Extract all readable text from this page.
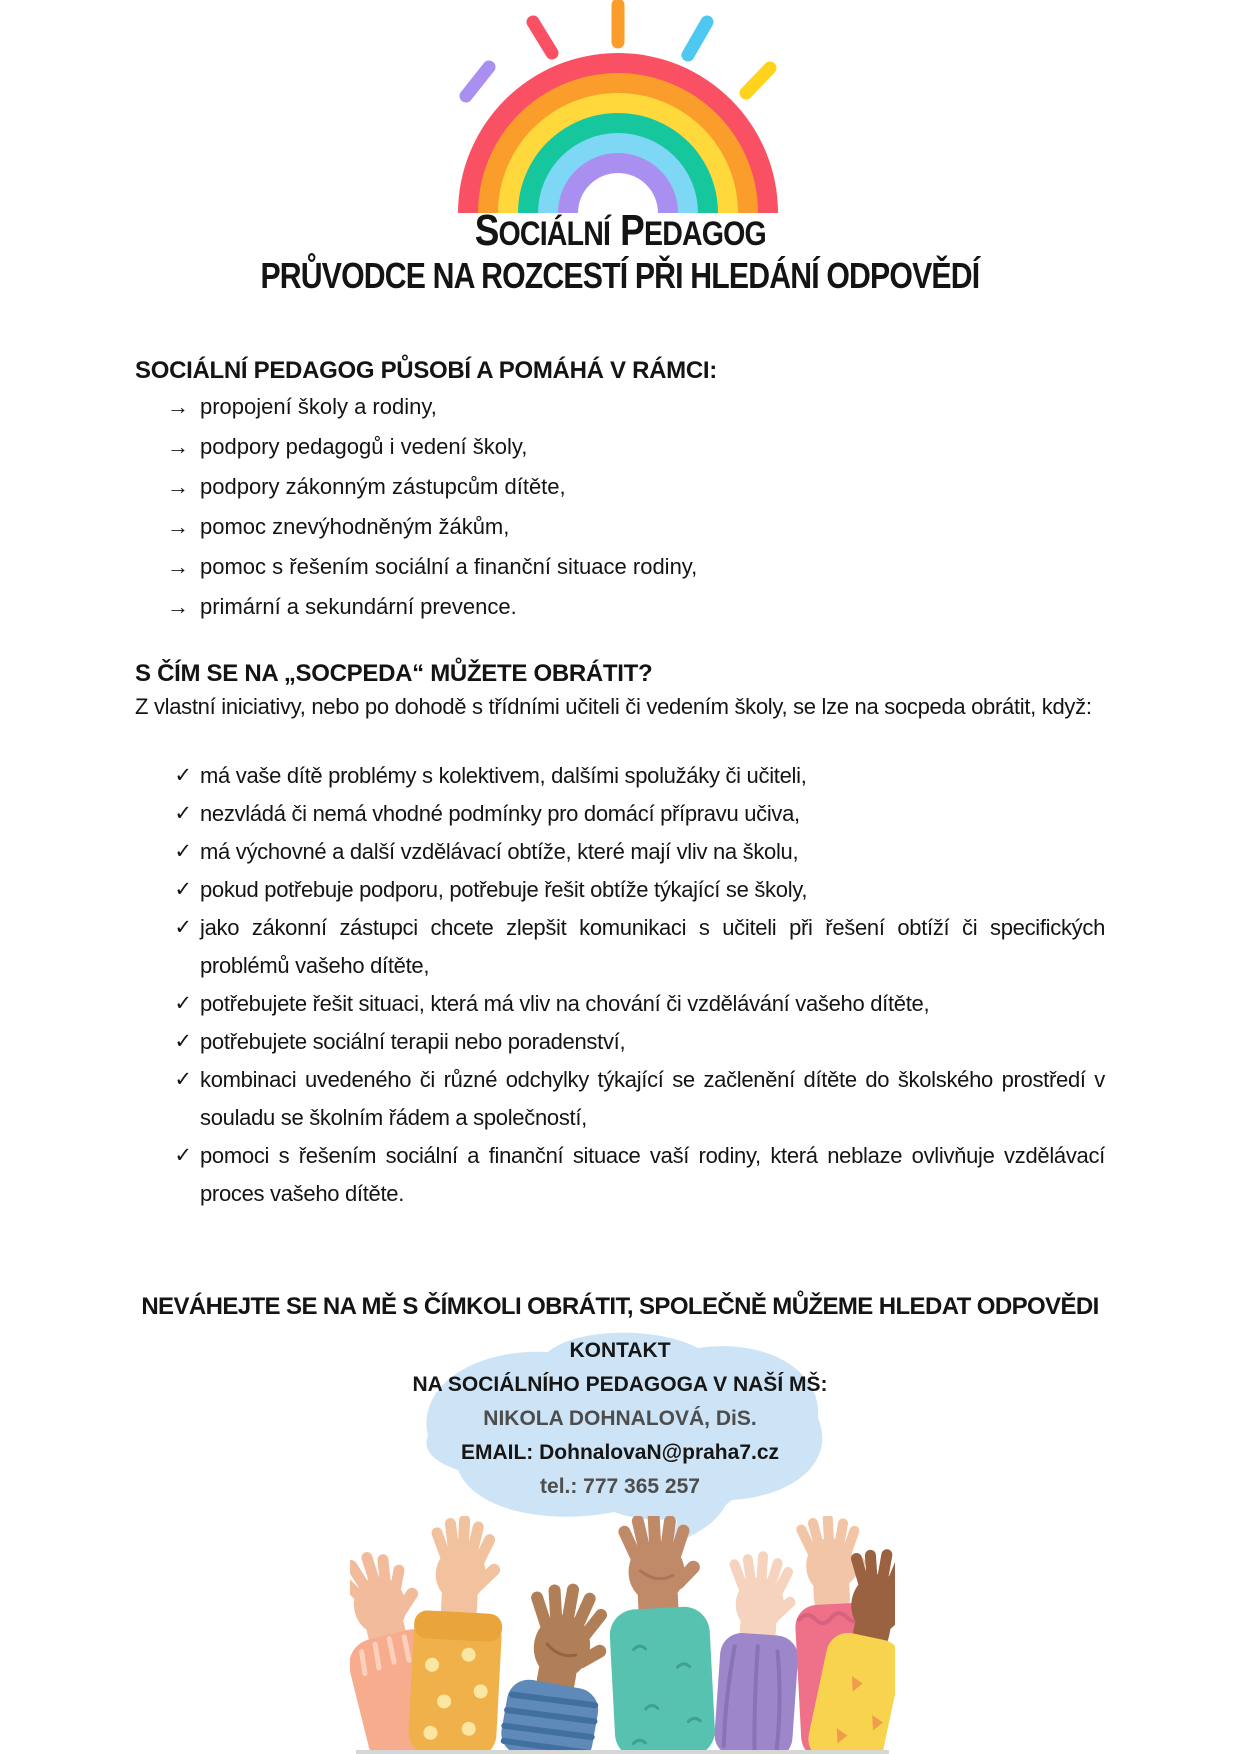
SOCIÁLNÍ PEDAGOG
PRŮVODCE NA ROZCESTÍ PŘI HLEDÁNÍ ODPOVĚDÍ
SOCIÁLNÍ PEDAGOG PŮSOBÍ A POMÁHÁ V RÁMCI:
→ propojení školy a rodiny,
→ podpory pedagogů i vedení školy,
→ podpory zákonným zástupcům dítěte,
→ pomoc znevýhodněným žákům,
→ pomoc s řešením sociální a finanční situace rodiny,
→ primární a sekundární prevence.
S ČÍM SE NA „SOCPEDA“ MŮŽETE OBRÁTIT?
Z vlastní iniciativy, nebo po dohodě s třídními učiteli či vedením školy, se lze na socpeda obrátit, když:
✓ má vaše dítě problémy s kolektivem, dalšími spolužáky či učiteli,
✓ nezvládá či nemá vhodné podmínky pro domácí přípravu učiva,
✓ má výchovné a další vzdělávací obtíže, které mají vliv na školu,
✓ pokud potřebuje podporu, potřebuje řešit obtíže týkající se školy,
✓ jako zákonní zástupci chcete zlepšit komunikaci s učiteli při řešení obtíží či specifických problémů vašeho dítěte,
✓ potřebujete řešit situaci, která má vliv na chování či vzdělávání vašeho dítěte,
✓ potřebujete sociální terapii nebo poradenství,
✓ kombinaci uvedeného či různé odchylky týkající se začlenění dítěte do školského prostředí v souladu se školním řádem a společností,
✓ pomoci s řešením sociální a finanční situace vaší rodiny, která neblaze ovlivňuje vzdělávací proces vašeho dítěte.
NEVÁHEJTE SE NA MĚ S ČÍMKOLI OBRÁTIT, SPOLEČNĚ MŮŽEME HLEDAT ODPOVĚDI
KONTAKT
NA SOCIÁLNÍHO PEDAGOGA V NAŠÍ MŠ:
NIKOLA DOHNALOVÁ, DiS.
EMAIL: DohnalovaN@praha7.cz
tel.: 777 365 257
